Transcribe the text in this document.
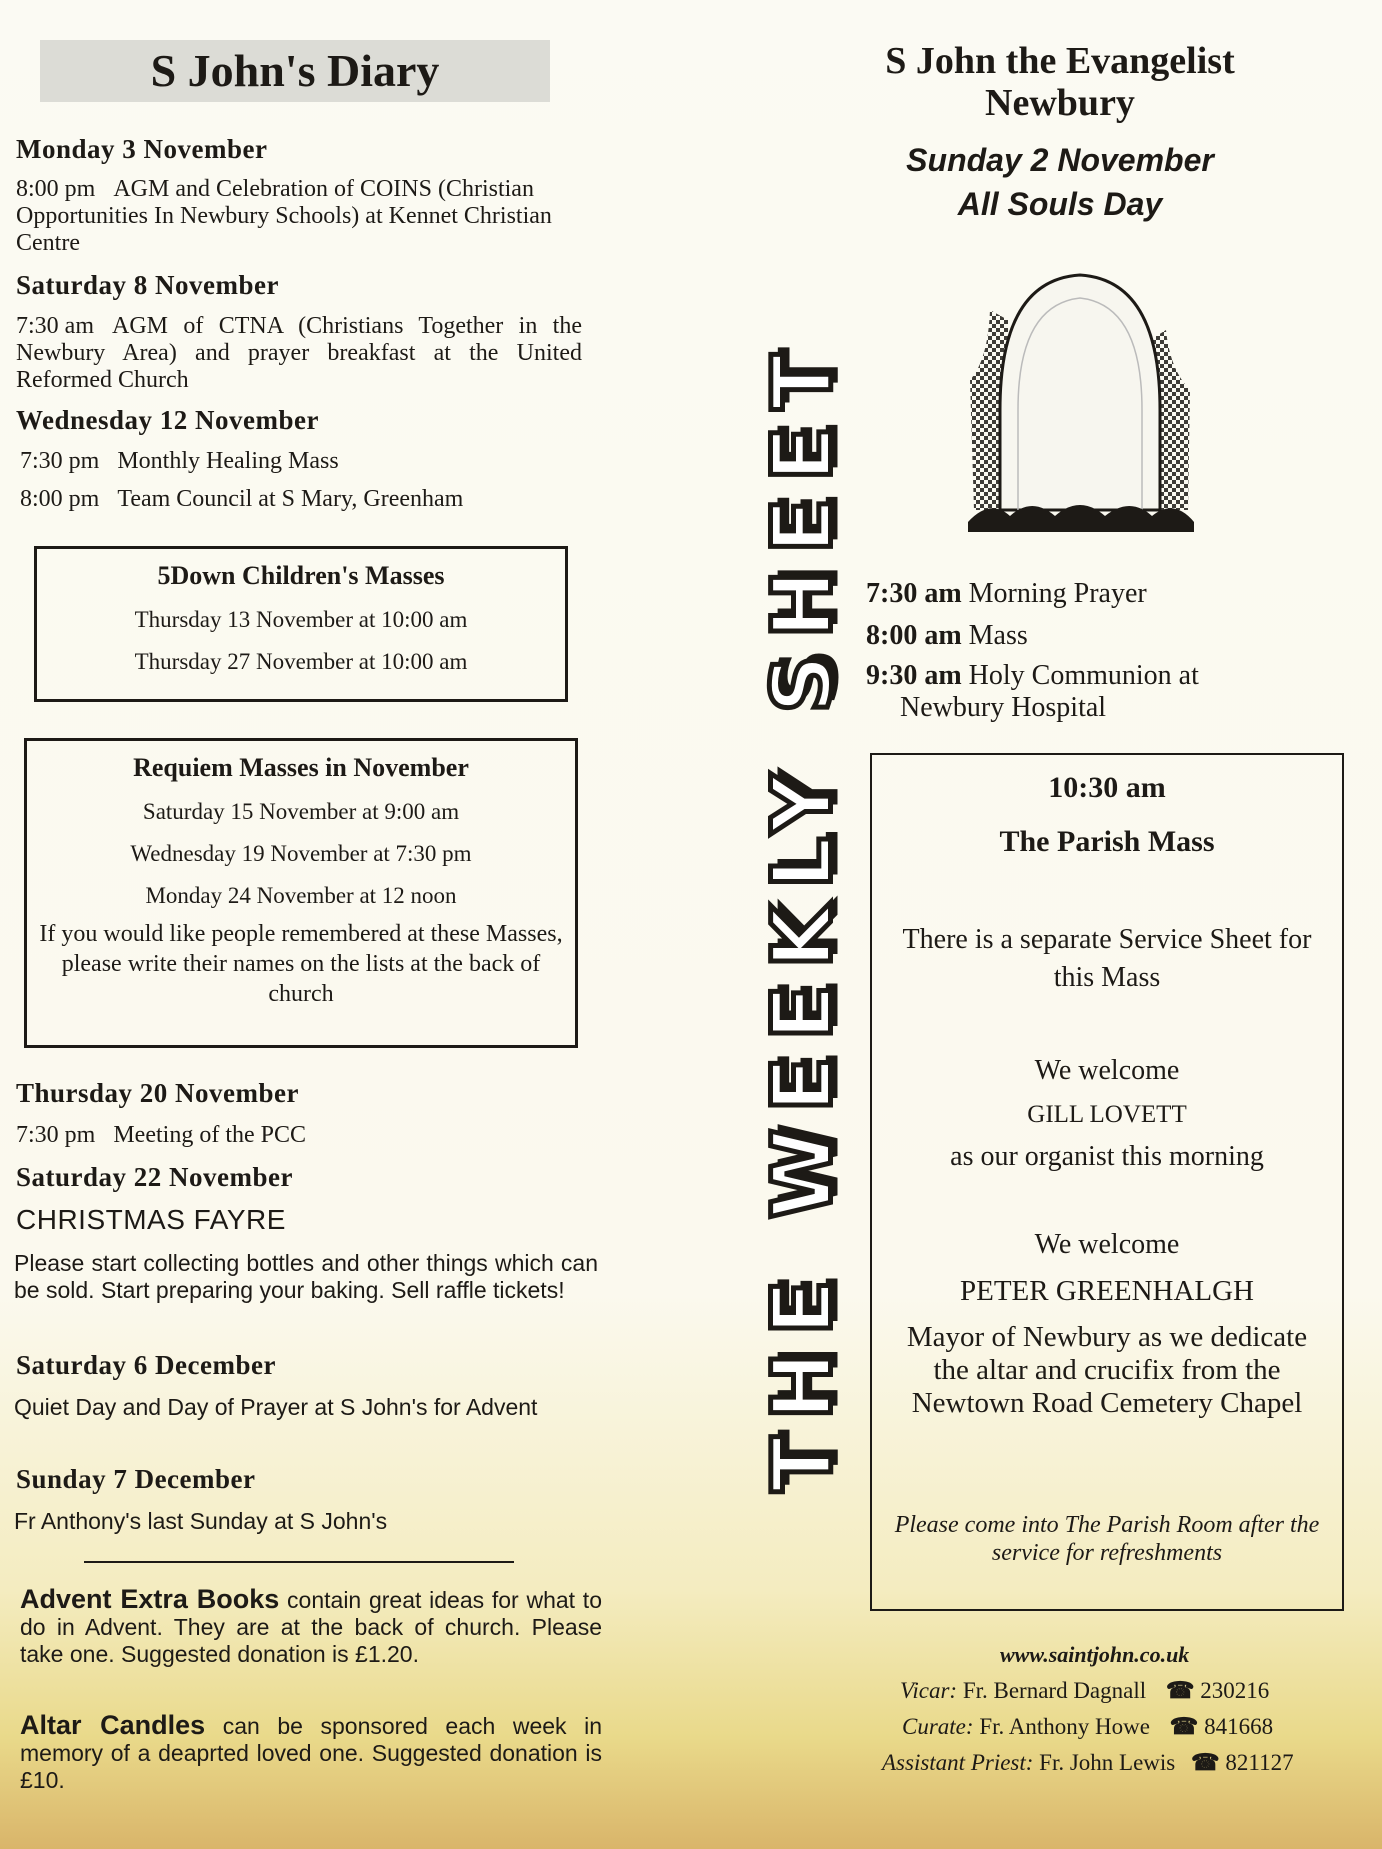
S John's Diary
Monday 3 November
8:00 pm AGM and Celebration of COINS (Christian Opportunities In Newbury Schools) at Kennet Christian Centre
Saturday 8 November
7:30 am AGM of CTNA (Christians Together in the Newbury Area) and prayer breakfast at the United Reformed Church
Wednesday 12 November
7:30 pm Monthly Healing Mass
8:00 pm Team Council at S Mary, Greenham
5Down Children's Masses
Thursday 13 November at 10:00 am
Thursday 27 November at 10:00 am
Requiem Masses in November
Saturday 15 November at 9:00 am
Wednesday 19 November at 7:30 pm
Monday 24 November at 12 noon
If you would like people remembered at these Masses, please write their names on the lists at the back of church
Thursday 20 November
7:30 pm Meeting of the PCC
Saturday 22 November
CHRISTMAS FAYRE
Please start collecting bottles and other things which can be sold. Start preparing your baking. Sell raffle tickets!
Saturday 6 December
Quiet Day and Day of Prayer at S John's for Advent
Sunday 7 December
Fr Anthony's last Sunday at S John's
Advent Extra Books contain great ideas for what to do in Advent. They are at the back of church. Please take one. Suggested donation is £1.20.
Altar Candles can be sponsored each week in memory of a deaprted loved one. Suggested donation is £10.
THE WEEKLY SHEET
S John the Evangelist
Newbury
Sunday 2 November
All Souls Day
7:30 am Morning Prayer
8:00 am Mass
9:30 am Holy Communion at
Newbury Hospital
10:30 am
The Parish Mass
There is a separate Service Sheet for this Mass
We welcome
GILL LOVETT
as our organist this morning
We welcome
PETER GREENHALGH
Mayor of Newbury as we dedicate the altar and crucifix from the Newtown Road Cemetery Chapel
Please come into The Parish Room after the service for refreshments
www.saintjohn.co.uk
Vicar: Fr. Bernard Dagnall ☎ 230216
Curate: Fr. Anthony Howe ☎ 841668
Assistant Priest: Fr. John Lewis ☎ 821127
